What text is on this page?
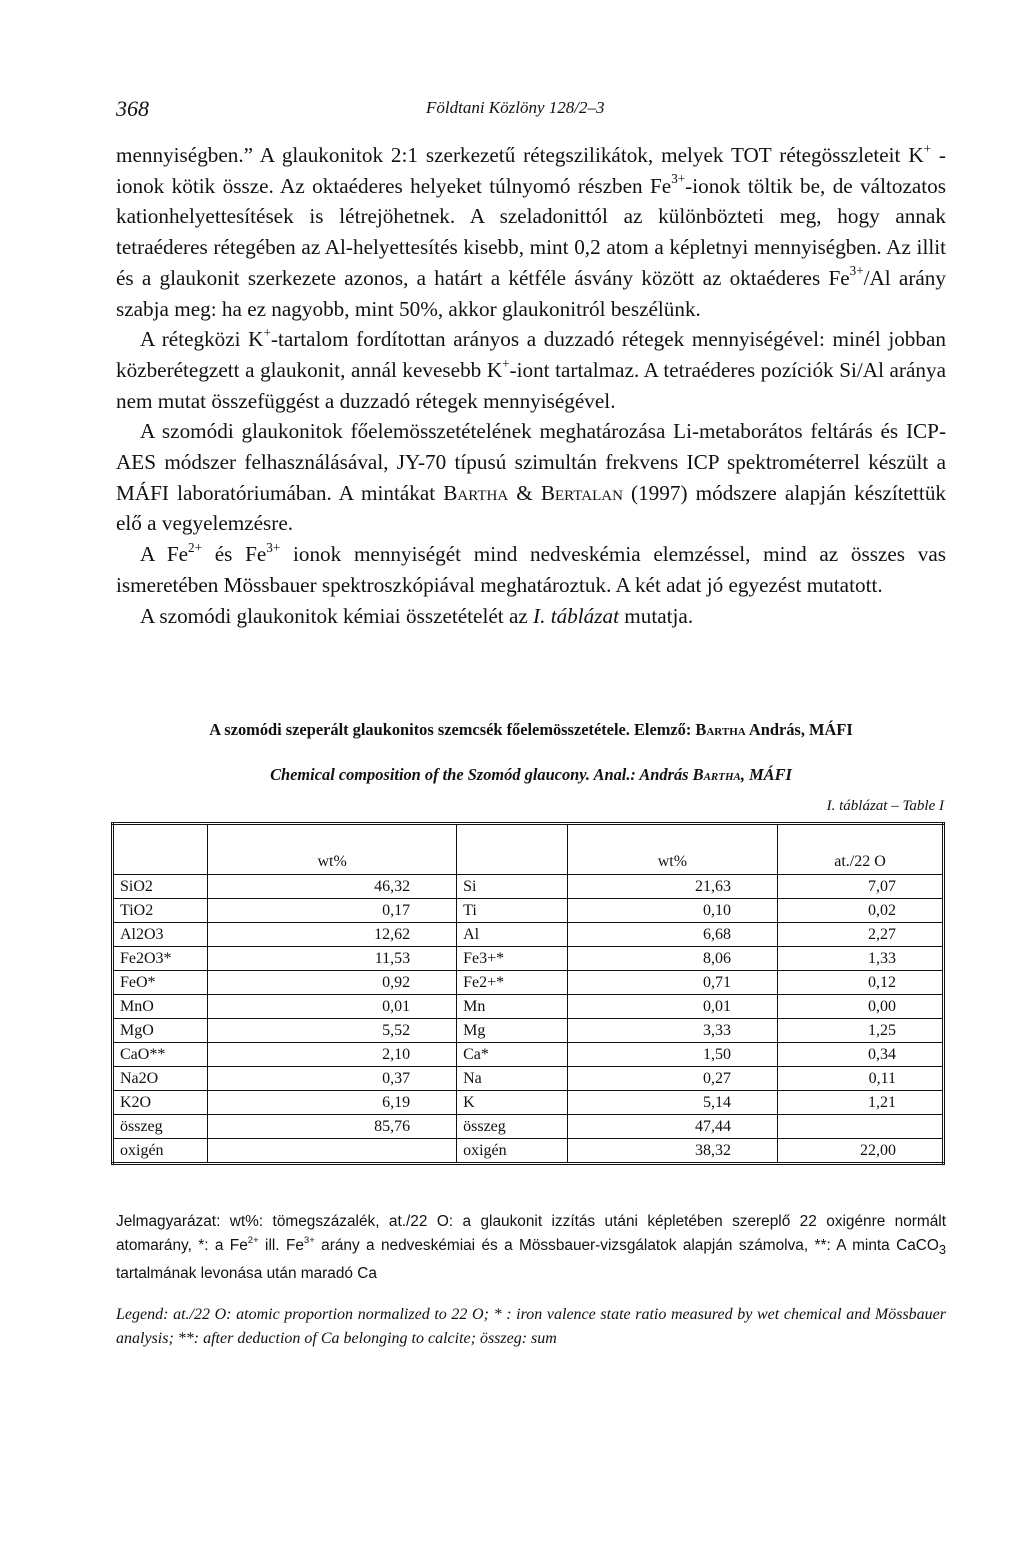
368	Földtani Közlöny 128/2–3

mennyiségben.” A glaukonitok 2:1 szerkezetű rétegszilikátok, melyek TOT rétegösszleteit K+ -ionok kötik össze. Az oktaéderes helyeket túlnyomó részben $Fe^{3+}$-ionok töltik be, de változatos kationhelyettesítések is létrejöhetnek. A szeladonittól az különbözteti meg, hogy annak tetraéderes rétegében az Al-helyettesítés kisebb, mint 0,2 atom a képletnyi mennyiségben. Az illit és a glaukonit szerkezete azonos, a határt a kétféle ásvány között az oktaéderes $Fe^{3+}/Al$ arány szabja meg: ha ez nagyobb, mint 50%, akkor glaukonitról beszélünk.

A rétegközi K+-tartalom fordítottan arányos a duzzadó rétegek mennyiségével: minél jobban közberétegzett a glaukonit, annál kevesebb K+-iont tartalmaz. A tetraéderes pozíciók Si/Al aránya nem mutat összefüggést a duzzadó rétegek mennyiségével.

A szomódi glaukonitok főelemösszetételének meghatározása Li-metaborátos feltárás és ICP-AES módszer felhasználásával, JY-70 típusú szimultán frekvens ICP spektrométerrel készült a MÁFI laboratóriumában. A mintákat Bartha & Bertalan (1997) módszere alapján készítettük elő a vegyelemzésre.

A $Fe^{2+}$ és $Fe^{3+}$ ionok mennyiségét mind nedveskémia elemzéssel, mind az összes vas ismeretében Mössbauer spektroszkópiával meghatároztuk. A két adat jó egyezést mutatott.

A szomódi glaukonitok kémiai összetételét az I. táblázat mutatja.

A szomódi szeperált glaukonitos szemcsék főelemösszetétele. Elemző: Bartha András, MÁFI
Chemical composition of the Szomód glaucony. Anal.: András Bartha, MÁFI
I. táblázat – Table I
	wt%		wt%	at./22 O
SiO2	46,32	Si	21,63	7,07
TiO2	0,17	Ti	0,10	0,02
Al2O3	12,62	Al	6,68	2,27
Fe2O3*	11,53	Fe3+*	8,06	1,33
FeO*	0,92	Fe2+*	0,71	0,12
MnO	0,01	Mn	0,01	0,00
MgO	5,52	Mg	3,33	1,25
CaO**	2,10	Ca*	1,50	0,34
Na2O	0,37	Na	0,27	0,11
K2O	6,19	K	5,14	1,21
összeg	85,76	összeg	47,44	
oxigén		oxigén	38,32	22,00
Jelmagyarázat: wt%: tömegszázalék, at./22 O: a glaukonit izzítás utáni képletében szereplő 22 oxigénre normált atomarány, *: a $Fe^{2+}$ ill. $Fe^{3+}$ arány a nedveskémiai és a Mössbauer-vizsgálatok alapján számolva, **: A minta CaCO$_3$ tartalmának levonása után maradó Ca
Legend: at./22 O: atomic proportion normalized to 22 O; * : iron valence state ratio measured by wet chemical and Mössbauer analysis; **: after deduction of Ca belonging to calcite; összeg: sum
